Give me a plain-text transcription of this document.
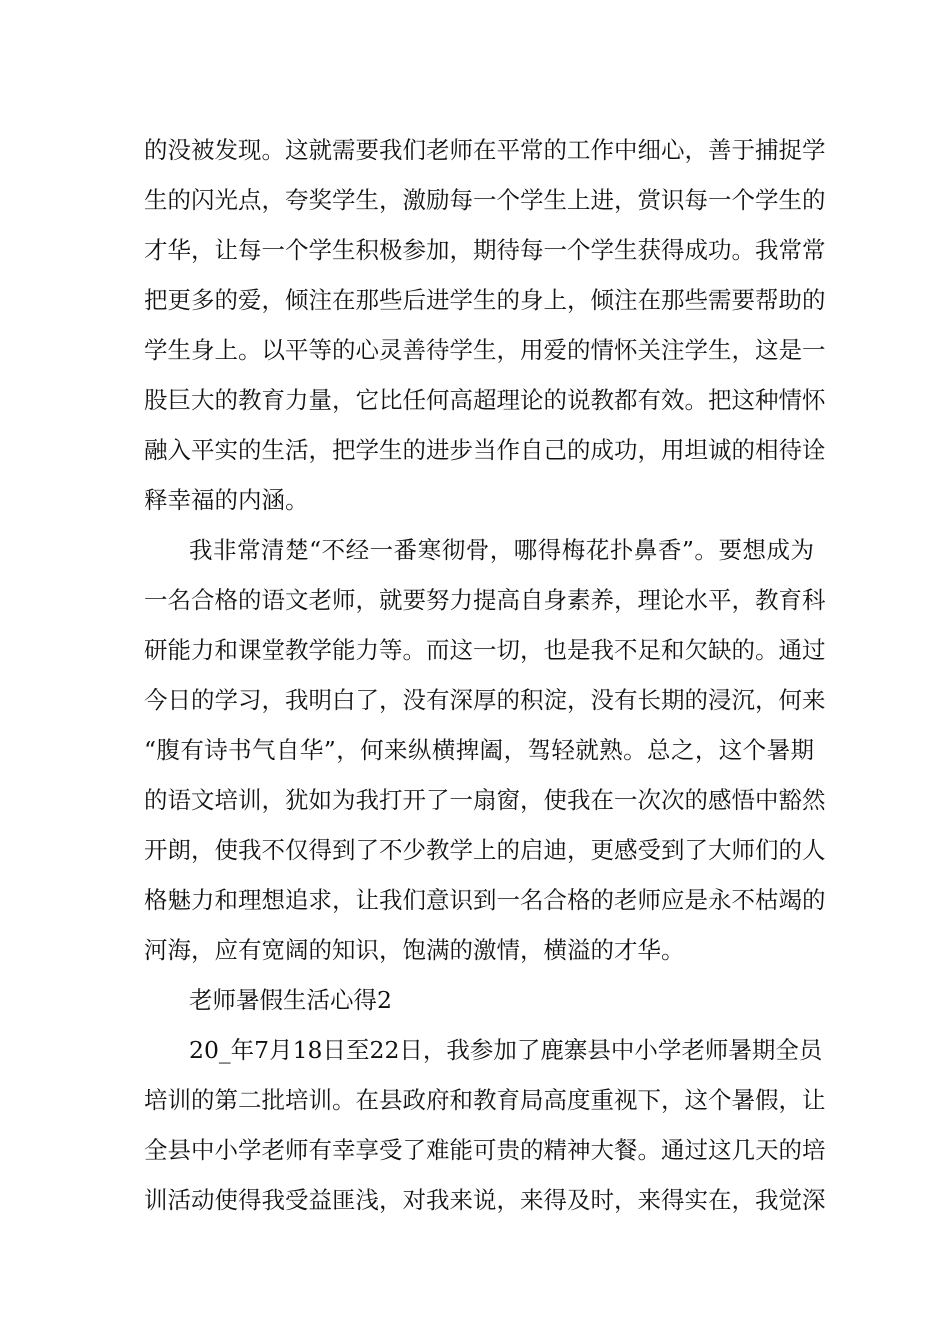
的没被发现。这就需要我们老师在平常的工作中细心，善于捕捉学
生的闪光点，夸奖学生，激励每一个学生上进，赏识每一个学生的
才华，让每一个学生积极参加，期待每一个学生获得成功。我常常
把更多的爱，倾注在那些后进学生的身上，倾注在那些需要帮助的
学生身上。以平等的心灵善待学生，用爱的情怀关注学生，这是一
股巨大的教育力量，它比任何高超理论的说教都有效。把这种情怀
融入平实的生活，把学生的进步当作自己的成功，用坦诚的相待诠
释幸福的内涵。
我非常清楚“不经一番寒彻骨，哪得梅花扑鼻香”。要想成为
一名合格的语文老师，就要努力提高自身素养，理论水平，教育科
研能力和课堂教学能力等。而这一切，也是我不足和欠缺的。通过
今日的学习，我明白了，没有深厚的积淀，没有长期的浸沉，何来
“腹有诗书气自华”，何来纵横捭阖，驾轻就熟。总之，这个暑期
的语文培训，犹如为我打开了一扇窗，使我在一次次的感悟中豁然
开朗，使我不仅得到了不少教学上的启迪，更感受到了大师们的人
格魅力和理想追求，让我们意识到一名合格的老师应是永不枯竭的
河海，应有宽阔的知识，饱满的激情，横溢的才华。
老师暑假生活心得2
20_年7月18日至22日，我参加了鹿寨县中小学老师暑期全员
培训的第二批培训。在县政府和教育局高度重视下，这个暑假，让
全县中小学老师有幸享受了难能可贵的精神大餐。通过这几天的培
训活动使得我受益匪浅，对我来说，来得及时，来得实在，我觉深
